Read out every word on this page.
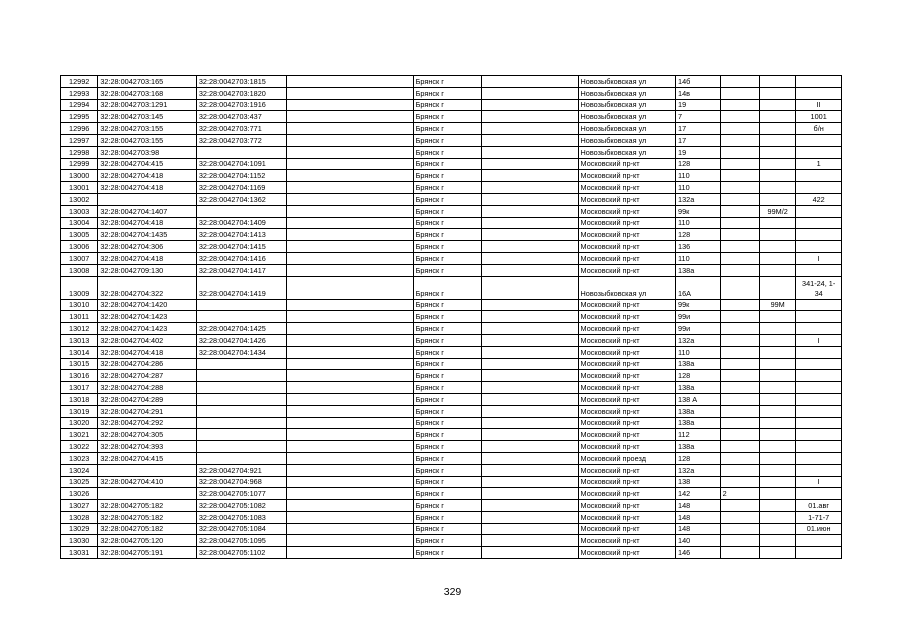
12992	32:28:0042703:165	32:28:0042703:1815		Брянск г		Новозыбковская ул	14б			
12993	32:28:0042703:168	32:28:0042703:1820		Брянск г		Новозыбковская ул	14в			
12994	32:28:0042703:1291	32:28:0042703:1916		Брянск г		Новозыбковская ул	19			II
12995	32:28:0042703:145	32:28:0042703:437		Брянск г		Новозыбковская ул	7			1001
12996	32:28:0042703:155	32:28:0042703:771		Брянск г		Новозыбковская ул	17			б/н
12997	32:28:0042703:155	32:28:0042703:772		Брянск г		Новозыбковская ул	17			
12998	32:28:0042703:98			Брянск г		Новозыбковская ул	19			
12999	32:28:0042704:415	32:28:0042704:1091		Брянск г		Московский пр-кт	128			1
13000	32:28:0042704:418	32:28:0042704:1152		Брянск г		Московский пр-кт	110			
13001	32:28:0042704:418	32:28:0042704:1169		Брянск г		Московский пр-кт	110			
13002		32:28:0042704:1362		Брянск г		Московский пр-кт	132а			422
13003	32:28:0042704:1407			Брянск г		Московский пр-кт	99к		99М/2	
13004	32:28:0042704:418	32:28:0042704:1409		Брянск г		Московский пр-кт	110			
13005	32:28:0042704:1435	32:28:0042704:1413		Брянск г		Московский пр-кт	128			
13006	32:28:0042704:306	32:28:0042704:1415		Брянск г		Московский пр-кт	136			
13007	32:28:0042704:418	32:28:0042704:1416		Брянск г		Московский пр-кт	110			I
13008	32:28:0042709:130	32:28:0042704:1417		Брянск г		Московский пр-кт	138а			
13009	32:28:0042704:322	32:28:0042704:1419		Брянск г		Новозыбковская ул	16А			341-24, 1-34
13010	32:28:0042704:1420			Брянск г		Московский пр-кт	99к		99М	
13011	32:28:0042704:1423			Брянск г		Московский пр-кт	99и			
13012	32:28:0042704:1423	32:28:0042704:1425		Брянск г		Московский пр-кт	99и			
13013	32:28:0042704:402	32:28:0042704:1426		Брянск г		Московский пр-кт	132а			I
13014	32:28:0042704:418	32:28:0042704:1434		Брянск г		Московский пр-кт	110			
13015	32:28:0042704:286			Брянск г		Московский пр-кт	138а			
13016	32:28:0042704:287			Брянск г		Московский пр-кт	128			
13017	32:28:0042704:288			Брянск г		Московский пр-кт	138а			
13018	32:28:0042704:289			Брянск г		Московский пр-кт	138 А			
13019	32:28:0042704:291			Брянск г		Московский пр-кт	138а			
13020	32:28:0042704:292			Брянск г		Московский пр-кт	138а			
13021	32:28:0042704:305			Брянск г		Московский пр-кт	112			
13022	32:28:0042704:393			Брянск г		Московский пр-кт	138а			
13023	32:28:0042704:415			Брянск г		Московский проезд	128			
13024		32:28:0042704:921		Брянск г		Московский пр-кт	132а			
13025	32:28:0042704:410	32:28:0042704:968		Брянск г		Московский пр-кт	138			I
13026		32:28:0042705:1077		Брянск г		Московский пр-кт	142	2		
13027	32:28:0042705:182	32:28:0042705:1082		Брянск г		Московский пр-кт	148			01.авг
13028	32:28:0042705:182	32:28:0042705:1083		Брянск г		Московский пр-кт	148			1-71-7
13029	32:28:0042705:182	32:28:0042705:1084		Брянск г		Московский пр-кт	148			01.июн
13030	32:28:0042705:120	32:28:0042705:1095		Брянск г		Московский пр-кт	140			
13031	32:28:0042705:191	32:28:0042705:1102		Брянск г		Московский пр-кт	146			
329
